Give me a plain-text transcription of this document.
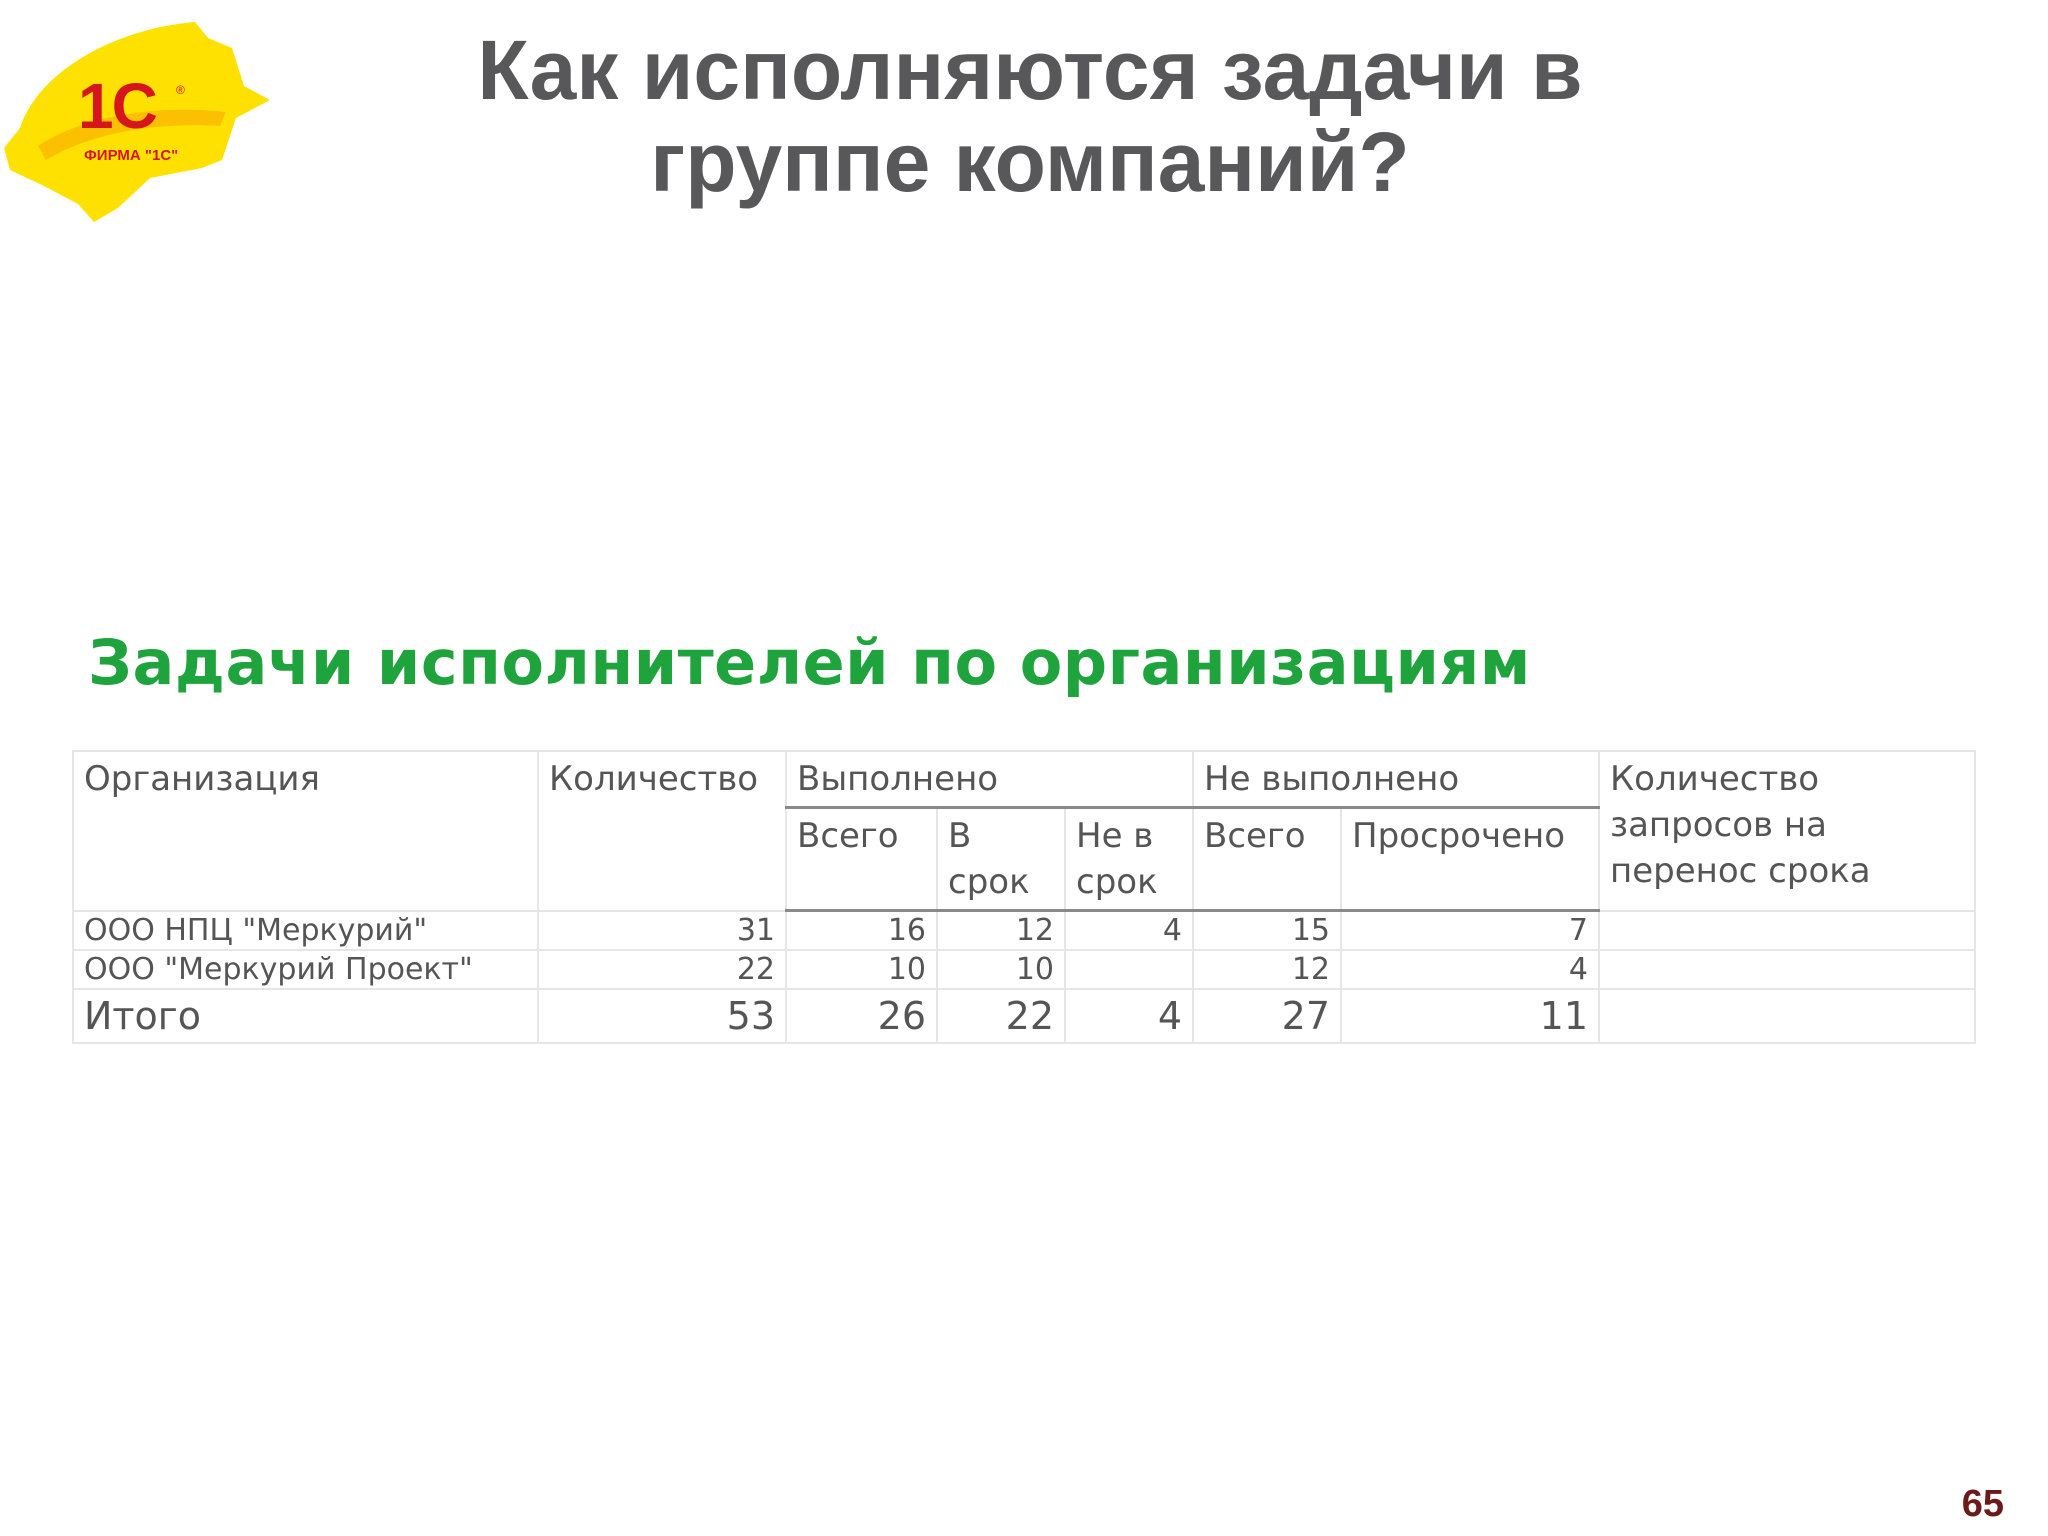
1С ®
ФИРМА "1С"
Как исполняются задачи в группе компаний?
Задачи исполнителей по организациям
Организация	Количество	Выполнено			Не выполнено		Количество запросов на перенос срока
		Всего	В срок	Не в срок	Всего	Просрочено	
ООО НПЦ "Меркурий"	31	16	12	4	15	7	
ООО "Меркурий Проект"	22	10	10		12	4	
Итого	53	26	22	4	27	11	
65
